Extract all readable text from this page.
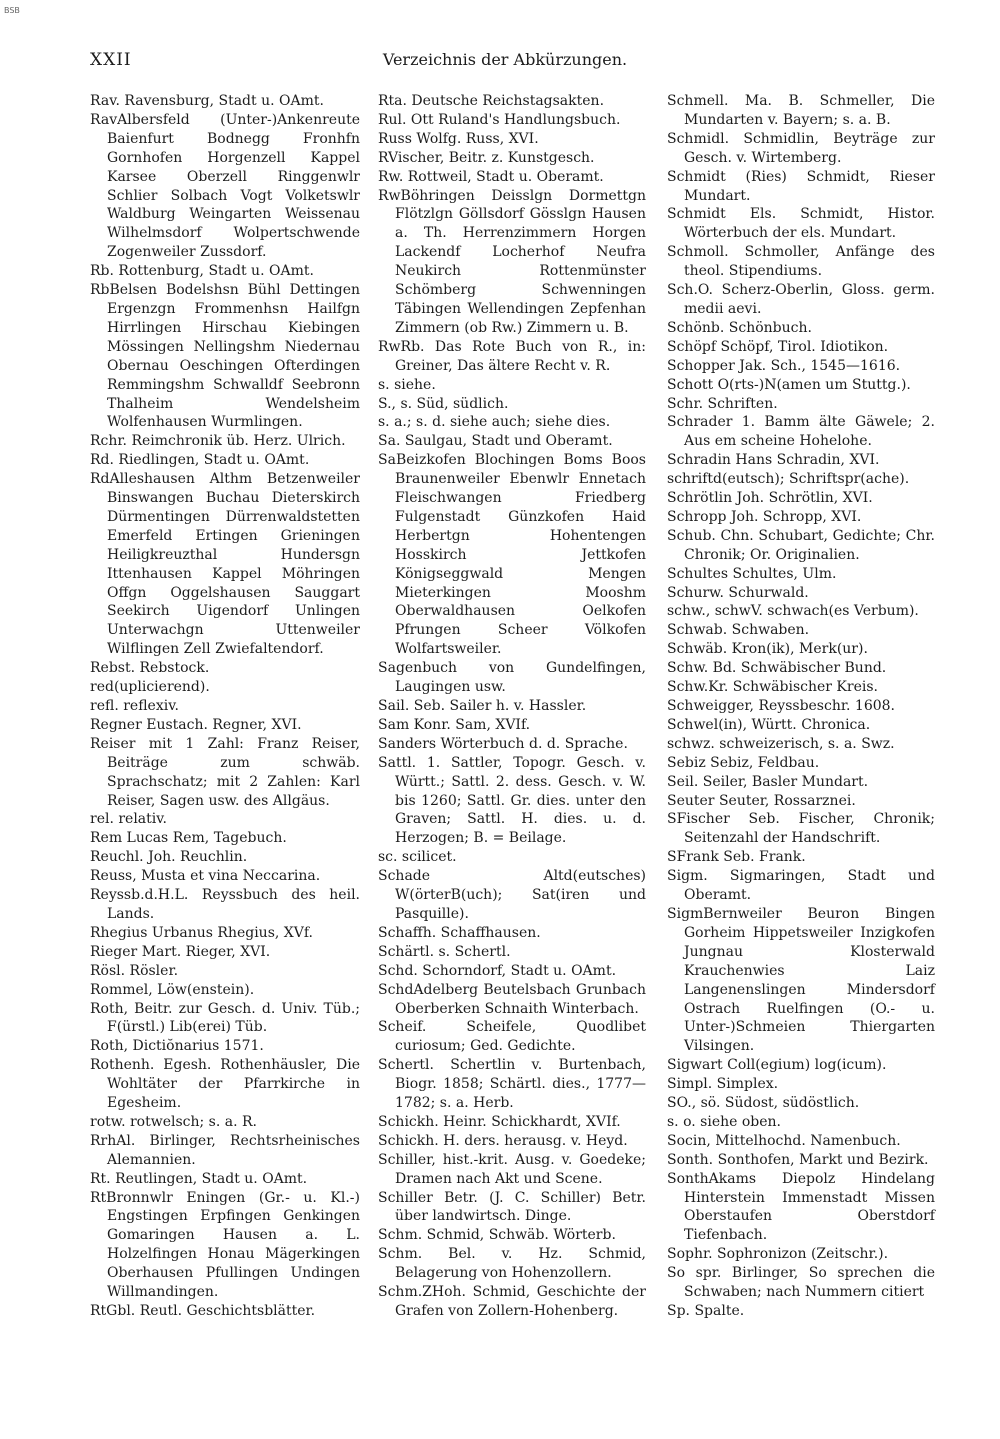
BSB
XXII	Verzeichnis der Abkürzungen.
Rav. Ravensburg, Stadt u. OAmt.
RavAlbersfeld (Unter-)Ankenreute Baienfurt Bodnegg Fronhfn Gornhofen Horgenzell Kappel Karsee Oberzell Ringgenwlr Schlier Solbach Vogt Volketswlr Waldburg Weingarten Weissenau Wilhelmsdorf Wolpertschwende Zogenweiler Zussdorf.
Rb. Rottenburg, Stadt u. OAmt.
RbBelsen Bodelshsn Bühl Dettingen Ergenzgn Frommenhsn Hailfgn Hirrlingen Hirschau Kiebingen Mössingen Nellingshm Niedernau Obernau Oeschingen Ofterdingen Remmingshm Schwalldf Seebronn Thalheim Wendelsheim Wolfenhausen Wurmlingen.
Rchr. Reimchronik üb. Herz. Ulrich.
Rd. Riedlingen, Stadt u. OAmt.
RdAlleshausen Althm Betzenweiler Binswangen Buchau Dieterskirch Dürmentingen Dürrenwaldstetten Emerfeld Ertingen Grieningen Heiligkreuzthal Hundersgn Ittenhausen Kappel Möhringen Offgn Oggelshausen Sauggart Seekirch Uigendorf Unlingen Unterwachgn Uttenweiler Wilflingen Zell Zwiefaltendorf.
Rebst. Rebstock.
red(uplicierend).
refl. reflexiv.
Regner Eustach. Regner, XVI.
Reiser mit 1 Zahl: Franz Reiser, Beiträge zum schwäb. Sprachschatz; mit 2 Zahlen: Karl Reiser, Sagen usw. des Allgäus.
rel. relativ.
Rem Lucas Rem, Tagebuch.
Reuchl. Joh. Reuchlin.
Reuss, Musta et vina Neccarina.
Reyssb.d.H.L. Reyssbuch des heil. Lands.
Rhegius Urbanus Rhegius, XVf.
Rieger Mart. Rieger, XVI.
Rösl. Rösler.
Rommel, Löw(enstein).
Roth, Beitr. zur Gesch. d. Univ. Tüb.; F(ürstl.) Lib(erei) Tüb.
Roth, Dictiŏnarius 1571.
Rothenh. Egesh. Rothenhäusler, Die Wohltäter der Pfarrkirche in Egesheim.
rotw. rotwelsch; s. a. R.
RrhAl. Birlinger, Rechtsrheinisches Alemannien.
Rt. Reutlingen, Stadt u. OAmt.
RtBronnwlr Eningen (Gr.- u. Kl.-) Engstingen Erpfingen Genkingen Gomaringen Hausen a. L. Holzelfingen Honau Mägerkingen Oberhausen Pfullingen Undingen Willmandingen.
RtGbl. Reutl. Geschichtsblätter.
Rta. Deutsche Reichstagsakten.
Rul. Ott Ruland's Handlungsbuch.
Russ Wolfg. Russ, XVI.
RVischer, Beitr. z. Kunstgesch.
Rw. Rottweil, Stadt u. Oberamt.
RwBöhringen Deisslgn Dormettgn Flötzlgn Göllsdorf Gösslgn Hausen a. Th. Herrenzimmern Horgen Lackendf Locherhof Neufra Neukirch Rottenmünster Schömberg Schwenningen Täbingen Wellendingen Zepfenhan Zimmern (ob Rw.) Zimmern u. B.
RwRb. Das Rote Buch von R., in: Greiner, Das ältere Recht v. R.
s. siehe.
S., s. Süd, südlich.
s. a.; s. d. siehe auch; siehe dies.
Sa. Saulgau, Stadt und Oberamt.
SaBeizkofen Blochingen Boms Boos Braunenweiler Ebenwlr Ennetach Fleischwangen Friedberg Fulgenstadt Günzkofen Haid Herbertgn Hohentengen Hosskirch Jettkofen Königseggwald Mengen Mieterkingen Mooshm Oberwaldhausen Oelkofen Pfrungen Scheer Völkofen Wolfartsweiler.
Sagenbuch von Gundelfingen, Laugingen usw.
Sail. Seb. Sailer h. v. Hassler.
Sam Konr. Sam, XVIf.
Sanders Wörterbuch d. d. Sprache.
Sattl. 1. Sattler, Topogr. Gesch. v. Württ.; Sattl. 2. dess. Gesch. v. W. bis 1260; Sattl. Gr. dies. unter den Graven; Sattl. H. dies. u. d. Herzogen; B. = Beilage.
sc. scilicet.
Schade Altd(eutsches) W(örterB(uch); Sat(iren und Pasquille).
Schaffh. Schaffhausen.
Schärtl. s. Schertl.
Schd. Schorndorf, Stadt u. OAmt.
SchdAdelberg Beutelsbach Grunbach Oberberken Schnaith Winterbach.
Scheif. Scheifele, Quodlibet curiosum; Ged. Gedichte.
Schertl. Schertlin v. Burtenbach, Biogr. 1858; Schärtl. dies., 1777—1782; s. a. Herb.
Schickh. Heinr. Schickhardt, XVIf.
Schickh. H. ders. herausg. v. Heyd.
Schiller, hist.-krit. Ausg. v. Goedeke; Dramen nach Akt und Scene.
Schiller Betr. (J. C. Schiller) Betr. über landwirtsch. Dinge.
Schm. Schmid, Schwäb. Wörterb.
Schm. Bel. v. Hz. Schmid, Belagerung von Hohenzollern.
Schm.ZHoh. Schmid, Geschichte der Grafen von Zollern-Hohenberg.
Schmell. Ma. B. Schmeller, Die Mundarten v. Bayern; s. a. B.
Schmidl. Schmidlin, Beyträge zur Gesch. v. Wirtemberg.
Schmidt (Ries) Schmidt, Rieser Mundart.
Schmidt Els. Schmidt, Histor. Wörterbuch der els. Mundart.
Schmoll. Schmoller, Anfänge des theol. Stipendiums.
Sch.O. Scherz-Oberlin, Gloss. germ. medii aevi.
Schönb. Schönbuch.
Schöpf Schöpf, Tirol. Idiotikon.
Schopper Jak. Sch., 1545—1616.
Schott O(rts-)N(amen um Stuttg.).
Schr. Schriften.
Schrader 1. Bamm älte Gäwele; 2. Aus em scheine Hohelohe.
Schradin Hans Schradin, XVI.
schriftd(eutsch); Schriftspr(ache).
Schrötlin Joh. Schrötlin, XVI.
Schropp Joh. Schropp, XVI.
Schub. Chn. Schubart, Gedichte; Chr. Chronik; Or. Originalien.
Schultes Schultes, Ulm.
Schurw. Schurwald.
schw., schwV. schwach(es Verbum).
Schwab. Schwaben.
Schwäb. Kron(ik), Merk(ur).
Schw. Bd. Schwäbischer Bund.
Schw.Kr. Schwäbischer Kreis.
Schweigger, Reyssbeschr. 1608.
Schwel(in), Württ. Chronica.
schwz. schweizerisch, s. a. Swz.
Sebiz Sebiz, Feldbau.
Seil. Seiler, Basler Mundart.
Seuter Seuter, Rossarznei.
SFischer Seb. Fischer, Chronik; Seitenzahl der Handschrift.
SFrank Seb. Frank.
Sigm. Sigmaringen, Stadt und Oberamt.
SigmBernweiler Beuron Bingen Gorheim Hippetsweiler Inzigkofen Jungnau Klosterwald Krauchenwies Laiz Langenenslingen Mindersdorf Ostrach Ruelfingen (O.- u. Unter-)Schmeien Thiergarten Vilsingen.
Sigwart Coll(egium) log(icum).
Simpl. Simplex.
SO., sö. Südost, südöstlich.
s. o. siehe oben.
Socin, Mittelhochd. Namenbuch.
Sonth. Sonthofen, Markt und Bezirk.
SonthAkams Diepolz Hindelang Hinterstein Immenstadt Missen Oberstaufen Oberstdorf Tiefenbach.
Sophr. Sophronizon (Zeitschr.).
So spr. Birlinger, So sprechen die Schwaben; nach Nummern citiert
Sp. Spalte.
